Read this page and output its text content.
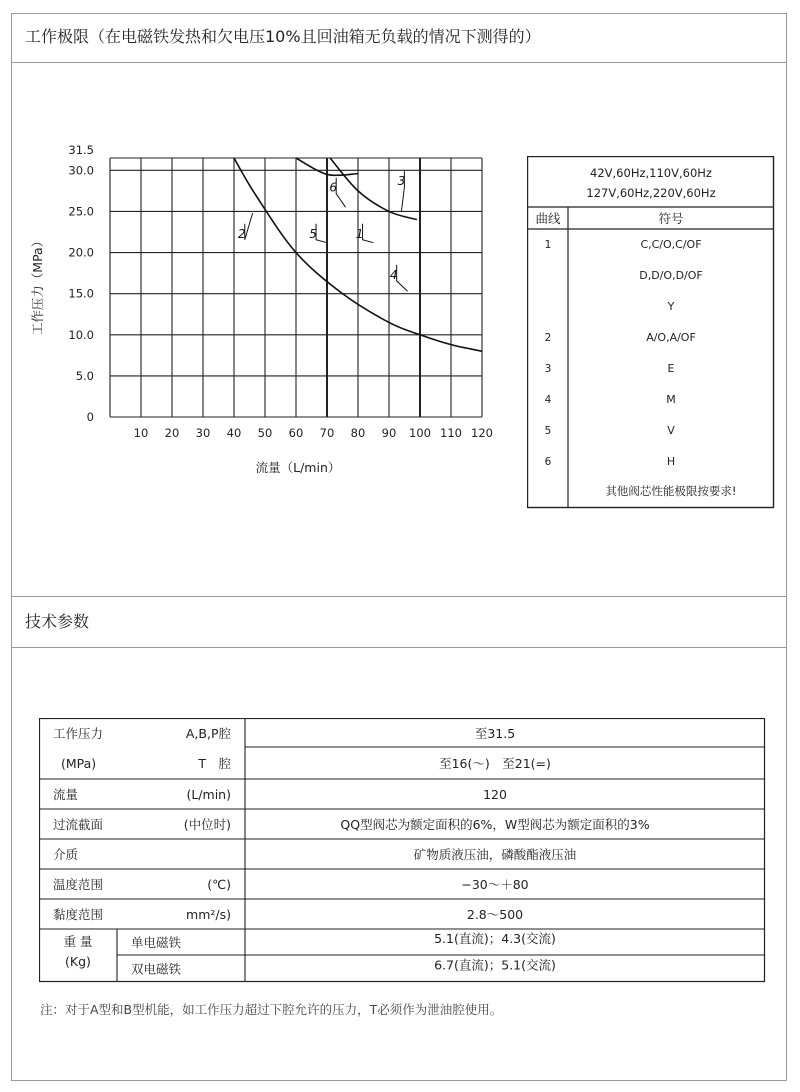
工作极限（在电磁铁发热和欠电压10%且回油箱无负载的情况下测得的）
2	5	1
6	3
4
10 20 30 40 50 60 70 80 90 100 110 120
31.5
30.0
25.0
20.0
15.0
10.0
5.0
0
流量（L/min）
工作压力（MPa）
42V,60Hz,110V,60Hz
127V,60Hz,220V,60Hz
曲线	符号
1	C,C/O,C/OF
D,D/O,D/OF
Y
2	A/O,A/OF
3	E
4	M
5	V
6	H
其他阀芯性能极限按要求!
技术参数
工作压力	A,B,P腔	至31.5
(MPa)	T　腔	至16(～)　至21(=)
流量	(L/min)	120
过流截面	(中位时)	QQ型阀芯为额定面积的6%，W型阀芯为额定面积的3%
介质	矿物质液压油，磷酸酯液压油
温度范围	(℃)	−30～＋80
黏度范围	mm²/s)	2.8～500
重 量
(Kg)
单电磁铁	5.1(直流)；4.3(交流)
双电磁铁	6.7(直流)；5.1(交流)
注：对于A型和B型机能，如工作压力超过下腔允许的压力，T必须作为泄油腔使用。
